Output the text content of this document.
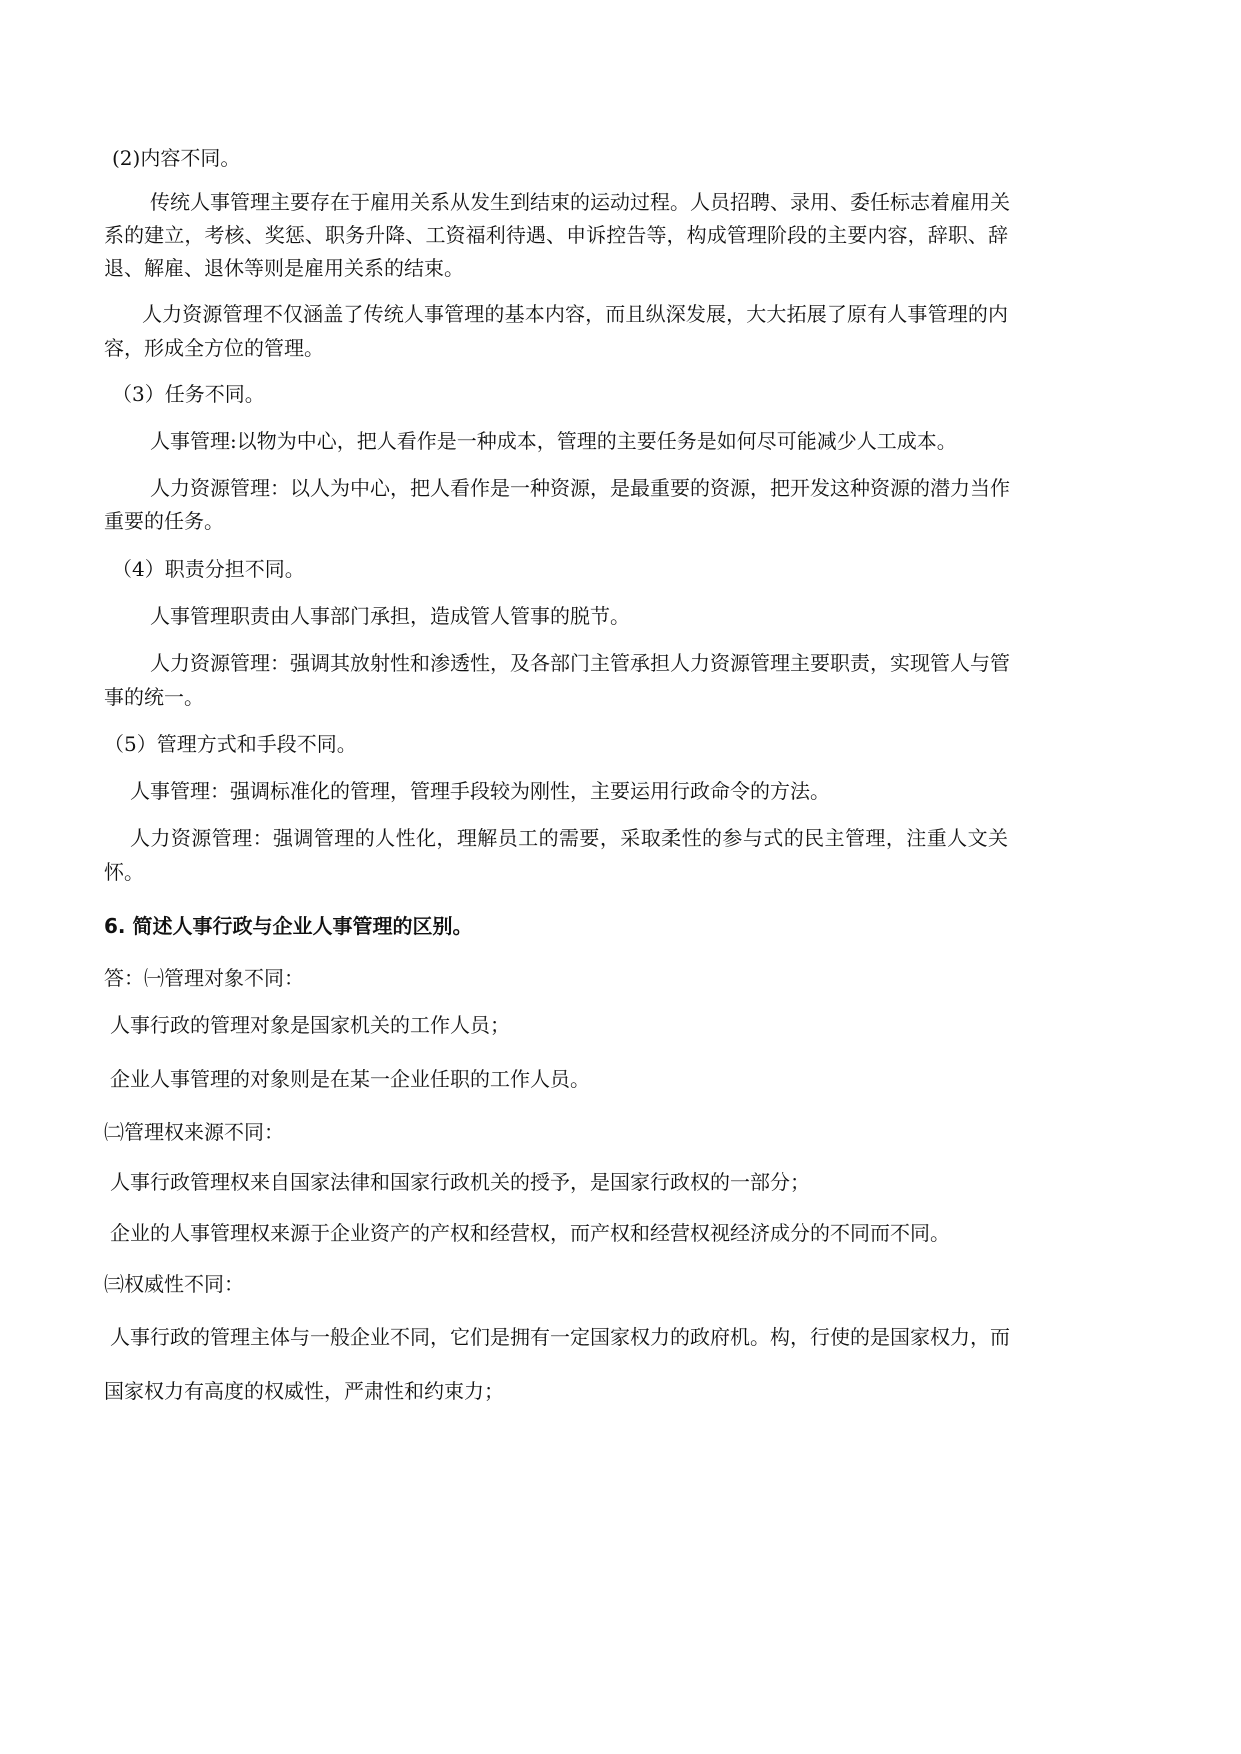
(2)内容不同。
传统人事管理主要存在于雇用关系从发生到结束的运动过程。人员招聘、录用、委任标志着雇用关
系的建立，考核、奖惩、职务升降、工资福利待遇、申诉控告等，构成管理阶段的主要内容，辞职、辞
退、解雇、退休等则是雇用关系的结束。
人力资源管理不仅涵盖了传统人事管理的基本内容，而且纵深发展，大大拓展了原有人事管理的内
容，形成全方位的管理。
（3）任务不同。
人事管理:以物为中心，把人看作是一种成本，管理的主要任务是如何尽可能减少人工成本。
人力资源管理：以人为中心，把人看作是一种资源，是最重要的资源，把开发这种资源的潜力当作
重要的任务。
（4）职责分担不同。
人事管理职责由人事部门承担，造成管人管事的脱节。
人力资源管理：强调其放射性和渗透性，及各部门主管承担人力资源管理主要职责，实现管人与管
事的统一。
（5）管理方式和手段不同。
人事管理：强调标准化的管理，管理手段较为刚性，主要运用行政命令的方法。
人力资源管理：强调管理的人性化，理解员工的需要，采取柔性的参与式的民主管理，注重人文关
怀。
6. 简述人事行政与企业人事管理的区别。
答：㈠管理对象不同：
人事行政的管理对象是国家机关的工作人员；
企业人事管理的对象则是在某一企业任职的工作人员。
㈡管理权来源不同：
人事行政管理权来自国家法律和国家行政机关的授予，是国家行政权的一部分；
企业的人事管理权来源于企业资产的产权和经营权，而产权和经营权视经济成分的不同而不同。
㈢权威性不同：
人事行政的管理主体与一般企业不同，它们是拥有一定国家权力的政府机。构，行使的是国家权力，而
国家权力有高度的权威性，严肃性和约束力；
